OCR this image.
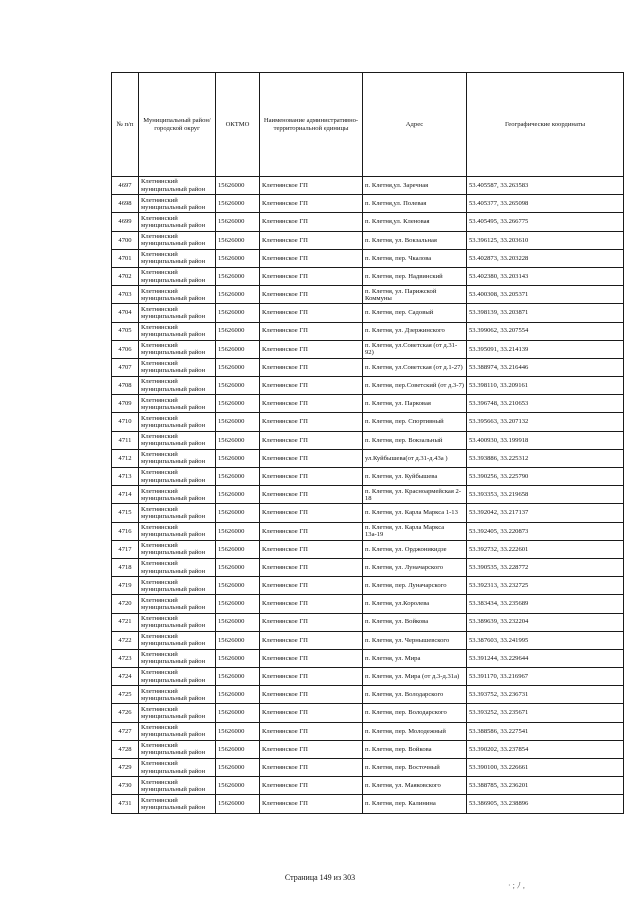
№ п/п	Муниципальный район/городской округ	ОКТМО	Наименование административно-территориальной единицы	Адрес	Географические координаты
4697	Клетнянский муниципальный район	15626000	Клетнянское ГП	п. Клетня,ул. Заречная	53.405587, 33.263583
4698	Клетнянский муниципальный район	15626000	Клетнянское ГП	п. Клетня,ул. Полевая	53.405377, 33.265098
4699	Клетнянский муниципальный район	15626000	Клетнянское ГП	п. Клетня,ул. Кленовая	53.405495, 33.266775
4700	Клетнянский муниципальный район	15626000	Клетнянское ГП	п. Клетня, ул. Вокзальная	53.396125, 33.203610
4701	Клетнянский муниципальный район	15626000	Клетнянское ГП	п. Клетня, пер. Чкалова	53.402873, 33.203228
4702	Клетнянский муниципальный район	15626000	Клетнянское ГП	п. Клетня, пер. Надвинский	53.402380, 33.203143
4703	Клетнянский муниципальный район	15626000	Клетнянское ГП	п. Клетня, ул. Парижской Коммуны	53.400308, 33.205371
4704	Клетнянский муниципальный район	15626000	Клетнянское ГП	п. Клетня, пер. Садовый	53.398139, 33.203871
4705	Клетнянский муниципальный район	15626000	Клетнянское ГП	п. Клетня, ул. Дзержинского	53.399062, 33.207554
4706	Клетнянский муниципальный район	15626000	Клетнянское ГП	п. Клетня, ул.Советская (от д.31-92)	53.395091, 33.214139
4707	Клетнянский муниципальный район	15626000	Клетнянское ГП	п. Клетня, ул.Советская (от д.1-27)	53.388974, 33.216446
4708	Клетнянский муниципальный район	15626000	Клетнянское ГП	п. Клетня, пер.Советский (от д.3-7)	53.398110, 33.209161
4709	Клетнянский муниципальный район	15626000	Клетнянское ГП	п. Клетня, ул. Парковая	53.396748, 33.210653
4710	Клетнянский муниципальный район	15626000	Клетнянское ГП	п. Клетня, пер. Спортивный	53.395663, 33.207132
4711	Клетнянский муниципальный район	15626000	Клетнянское ГП	п. Клетня, пер. Вокзальный	53.400930, 33.199918
4712	Клетнянский муниципальный район	15626000	Клетнянское ГП	ул.Куйбышева(от д.31-д.43а )	53.393886, 33.225312
4713	Клетнянский муниципальный район	15626000	Клетнянское ГП	п. Клетня, ул. Куйбышева	53.390256, 33.225790
4714	Клетнянский муниципальный район	15626000	Клетнянское ГП	п. Клетня, ул. Красноармейская 2-18	53.393353, 33.219658
4715	Клетнянский муниципальный район	15626000	Клетнянское ГП	п. Клетня, ул. Карла Маркса 1-13	53.392042, 33.217137
4716	Клетнянский муниципальный район	15626000	Клетнянское ГП	п. Клетня, ул. Карла Маркса 13а-19	53.392405, 33.220873
4717	Клетнянский муниципальный район	15626000	Клетнянское ГП	п. Клетня, ул. Орджоникидзе	53.392732, 33.222601
4718	Клетнянский муниципальный район	15626000	Клетнянское ГП	п. Клетня, ул. Луначарского	53.390535, 33.228772
4719	Клетнянский муниципальный район	15626000	Клетнянское ГП	п. Клетня, пер. Луначарского	53.392313, 33.232725
4720	Клетнянский муниципальный район	15626000	Клетнянское ГП	п. Клетня, ул.Королева	53.383434, 33.235689
4721	Клетнянский муниципальный район	15626000	Клетнянское ГП	п. Клетня, ул. Войкова	53.389639, 33.232204
4722	Клетнянский муниципальный район	15626000	Клетнянское ГП	п. Клетня, ул. Чернышевского	53.387603, 33.241995
4723	Клетнянский муниципальный район	15626000	Клетнянское ГП	п. Клетня, ул. Мира	53.391244, 33.229644
4724	Клетнянский муниципальный район	15626000	Клетнянское ГП	п. Клетня, ул. Мира (от д.3-д.31а)	53.391170, 33.216967
4725	Клетнянский муниципальный район	15626000	Клетнянское ГП	п. Клетня, ул. Володарского	53.393752, 33.236731
4726	Клетнянский муниципальный район	15626000	Клетнянское ГП	п. Клетня, пер. Володарского	53.393252, 33.235671
4727	Клетнянский муниципальный район	15626000	Клетнянское ГП	п. Клетня, пер. Молодежный	53.388586, 33.227541
4728	Клетнянский муниципальный район	15626000	Клетнянское ГП	п. Клетня, пер. Войкова	53.390202, 33.237854
4729	Клетнянский муниципальный район	15626000	Клетнянское ГП	п. Клетня, пер. Восточный	53.390100, 33.226661
4730	Клетнянский муниципальный район	15626000	Клетнянское ГП	п. Клетня, ул. Маяковского	53.388785, 33.236201
4731	Клетнянский муниципальный район	15626000	Клетнянское ГП	п. Клетня, пер. Калинина	53.386905, 33.238896
Страница 149 из 303
· ; ﾉ ,
